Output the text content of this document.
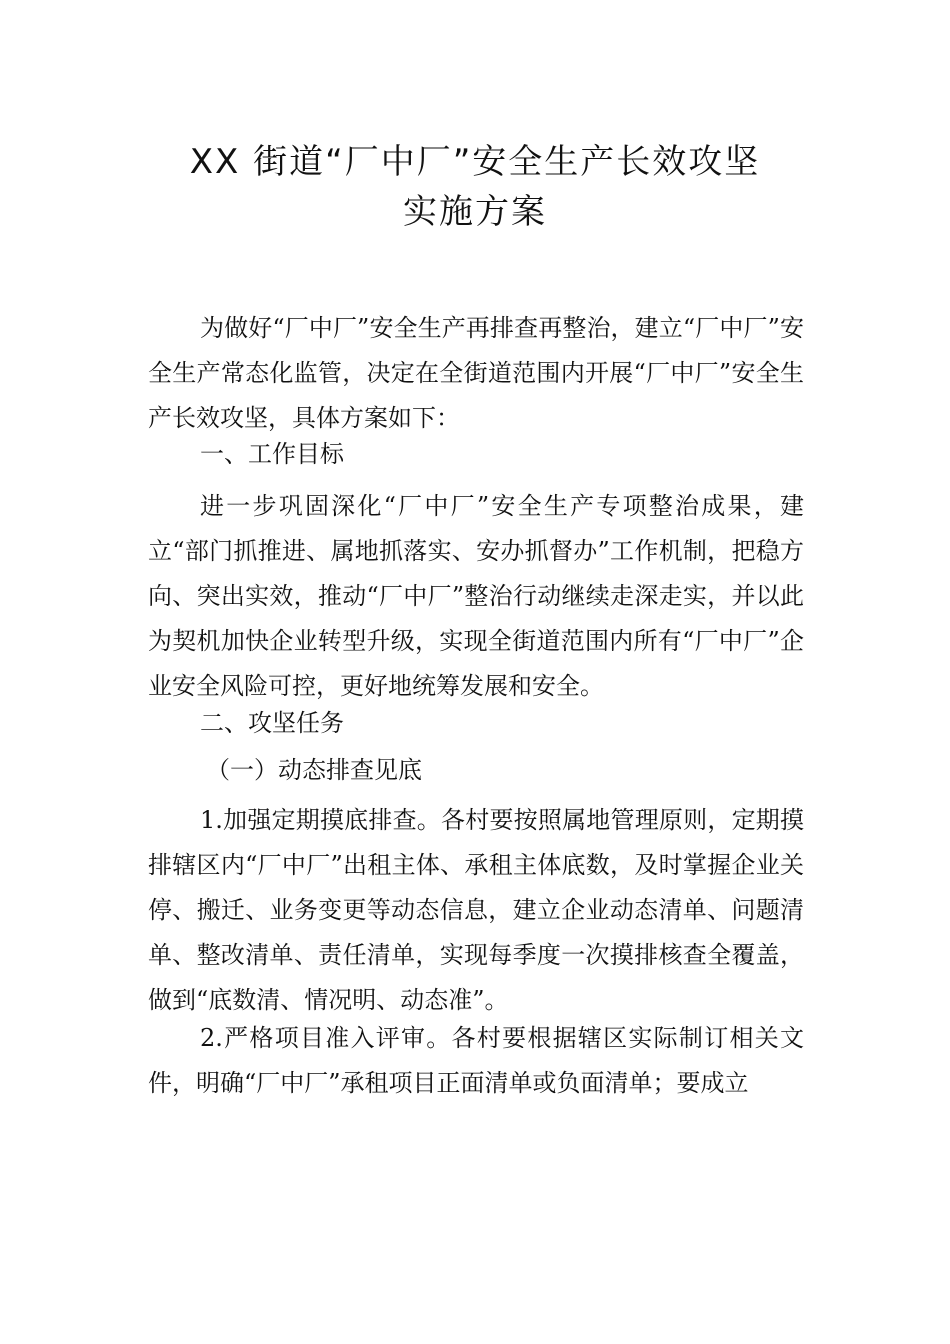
XX 街道“厂中厂”安全生产长效攻坚
实施方案

为做好“厂中厂”安全生产再排查再整治，建立“厂中厂”安全生产常态化监管，决定在全街道范围内开展“厂中厂”安全生产长效攻坚，具体方案如下：

一、工作目标

进一步巩固深化“厂中厂”安全生产专项整治成果，建立“部门抓推进、属地抓落实、安办抓督办”工作机制，把稳方向、突出实效，推动“厂中厂”整治行动继续走深走实，并以此为契机加快企业转型升级，实现全街道范围内所有“厂中厂”企业安全风险可控，更好地统筹发展和安全。

二、攻坚任务

（一）动态排查见底

1.加强定期摸底排查。各村要按照属地管理原则，定期摸排辖区内“厂中厂”出租主体、承租主体底数，及时掌握企业关停、搬迁、业务变更等动态信息，建立企业动态清单、问题清单、整改清单、责任清单，实现每季度一次摸排核查全覆盖，做到“底数清、情况明、动态准”。

2.严格项目准入评审。各村要根据辖区实际制订相关文件，明确“厂中厂”承租项目正面清单或负面清单；要成立
